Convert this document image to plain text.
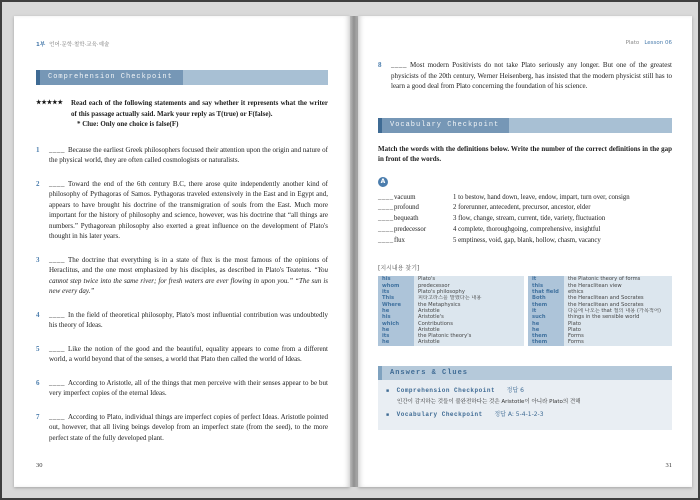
1부 언어·문학·철학·교육·예술
Comprehension Checkpoint
★★★★★ Read each of the following statements and say whether it represents what the writer of this passage actually said. Mark your reply as T(true) or F(false).
* Clue: Only one choice is false(F)
1 ____ Because the earliest Greek philosophers focused their attention upon the origin and nature of the physical world, they are often called cosmologists or naturalists.
2 ____ Toward the end of the 6th century B.C, there arose quite independently another kind of philosophy of Pythagoras of Samos. Pythagoras traveled extensively in the East and in Egypt and, appears to have brought his doctrine of the transmigration of souls from the East. Much more important for the history of philosophy and science, however, was his doctrine that “all things are numbers.” Pythagorean philosophy also exerted a great influence on the development of Plato's thought in his later years.
3 ____ The doctrine that everything is in a state of flux is the most famous of the opinions of Heraclitus, and the one most emphasized by his disciples, as described in Plato's Teatetus. “You cannot step twice into the same river; for fresh waters are ever flowing in upon you.” “The sun is new every day.”
4 ____ In the field of theoretical philosophy, Plato's most influential contribution was undoubtedly his theory of Ideas.
5 ____ Like the notion of the good and the beautiful, equality appears to come from a different world, a world beyond that of the senses, a world that Plato then called the world of Ideas.
6 ____ According to Aristotle, all of the things that men perceive with their senses appear to be but very imperfect copies of the eternal Ideas.
7 ____ According to Plato, individual things are imperfect copies of perfect Ideas. Aristotle pointed out, however, that all living beings develop from an imperfect state (from the seed), to the more perfect state of the fully developed plant.
30
Plato Lesson 06
8 ____ Most modern Positivists do not take Plato seriously any longer. But one of the greatest physicists of the 20th century, Werner Heisenberg, has insisted that the modern physicist still has to learn a good deal from Plato concerning the foundation of his science.
Vocabulary Checkpoint
Match the words with the definitions below. Write the number of the correct definitions in the gap in front of the words.
A
____ vacuum	1 to bestow, hand down, leave, endow, impart, turn over, consign
____ profound	2 forerunner, antecedent, precursor, ancestor, elder
____ bequeath	3 flow, change, stream, current, tide, variety, fluctuation
____ predecessor	4 complete, thoroughgoing, comprehensive, insightful
____ flux	5 emptiness, void, gap, blank, hollow, chasm, vacancy
[지시내용 찾기]
his	Plato's	it	the Platonic theory of forms
whom	predecessor	this	the Heraclitean view
its	Plato's philosophy	that field	ethics
This	피타고라스를 말했다는 내용	Both	the Heraclitean and Socrates
Where	the Metaphysics	them	the Heraclitean and Socrates
he	Aristotle	it	다음에 나오는 that 절의 내용 (가목적어)
his	Aristotle's	such	things in the sensible world
which	Contributions	he	Plato
he	Aristotle	he	Plato
its	the Platonic theory's	them	Forms
he	Aristotle	them	Forms
Answers & Clues
■ Comprehension Checkpoint 정답 6
인간이 감지하는 것들이 불완전하다는 것은 Aristotle이 아니라 Plato의 견해
■ Vocabulary Checkpoint 정답 A: 5-4-1-2-3
31
